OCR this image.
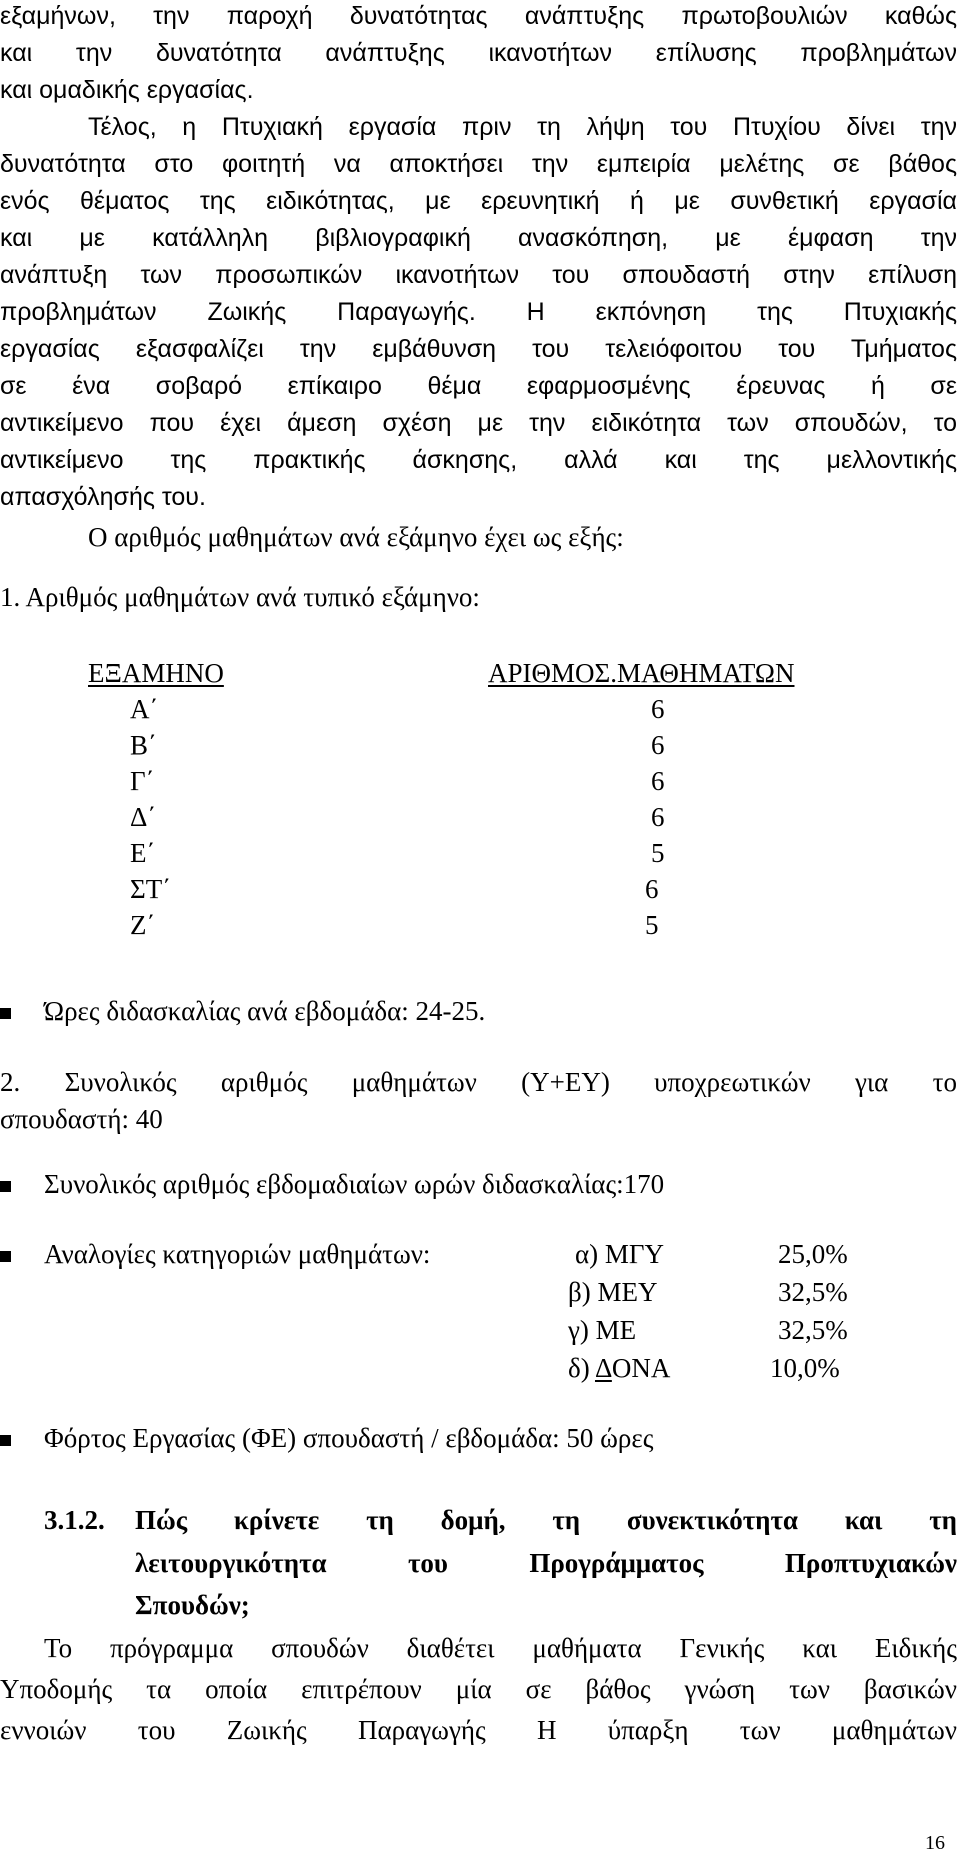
εξαμήνων, την παροχή δυνατότητας ανάπτυξης πρωτοβουλιών καθώς
και την δυνατότητα ανάπτυξης ικανοτήτων επίλυσης προβλημάτων
και ομαδικής εργασίας.
Τέλος, η Πτυχιακή εργασία πριν τη λήψη του Πτυχίου δίνει την
δυνατότητα στο φοιτητή να αποκτήσει την εμπειρία μελέτης σε βάθος
ενός θέματος της ειδικότητας, με ερευνητική ή με συνθετική εργασία
και με κατάλληλη βιβλιογραφική ανασκόπηση, με έμφαση την
ανάπτυξη των προσωπικών ικανοτήτων του σπουδαστή στην επίλυση
προβλημάτων Ζωικής Παραγωγής. Η εκπόνηση της Πτυχιακής
εργασίας εξασφαλίζει την εμβάθυνση του τελειόφοιτου του Τμήματος
σε ένα σοβαρό επίκαιρο θέμα εφαρμοσμένης έρευνας ή σε
αντικείμενο που έχει άμεση σχέση με την ειδικότητα των σπουδών, το
αντικείμενο της πρακτικής άσκησης, αλλά και της μελλοντικής
απασχόλησής του.
Ο αριθμός μαθημάτων ανά εξάμηνο έχει ως εξής:
1. Αριθμός μαθημάτων ανά τυπικό εξάμηνο:
ΕΞΑΜΗΝΟ	ΑΡΙΘΜΟΣ.ΜΑΘΗΜΑΤΩΝ
Α΄	6
Β΄	6
Γ΄	6
Δ΄	6
Ε΄	5
ΣΤ΄	6
Ζ΄	5
Ώρες διδασκαλίας ανά εβδομάδα: 24-25.
2. Συνολικός αριθμός μαθημάτων (Υ+ΕΥ) υποχρεωτικών για το
σπουδαστή: 40
Συνολικός αριθμός εβδομαδιαίων ωρών διδασκαλίας:170
Αναλογίες κατηγοριών μαθημάτων:	α) ΜΓΥ	25,0%
β) ΜΕΥ	32,5%
γ) ΜΕ	32,5%
δ) ΔΟΝΑ	10,0%
Φόρτος Εργασίας (ΦΕ) σπουδαστή / εβδομάδα: 50 ώρες
3.1.2. Πώς κρίνετε τη δομή, τη συνεκτικότητα και τη
λειτουργικότητα του Προγράμματος Προπτυχιακών
Σπουδών;
Το πρόγραμμα σπουδών διαθέτει μαθήματα Γενικής και Ειδικής
Υποδομής τα οποία επιτρέπουν μία σε βάθος γνώση των βασικών
εννοιών του Ζωικής Παραγωγής Η ύπαρξη των μαθημάτων
16
